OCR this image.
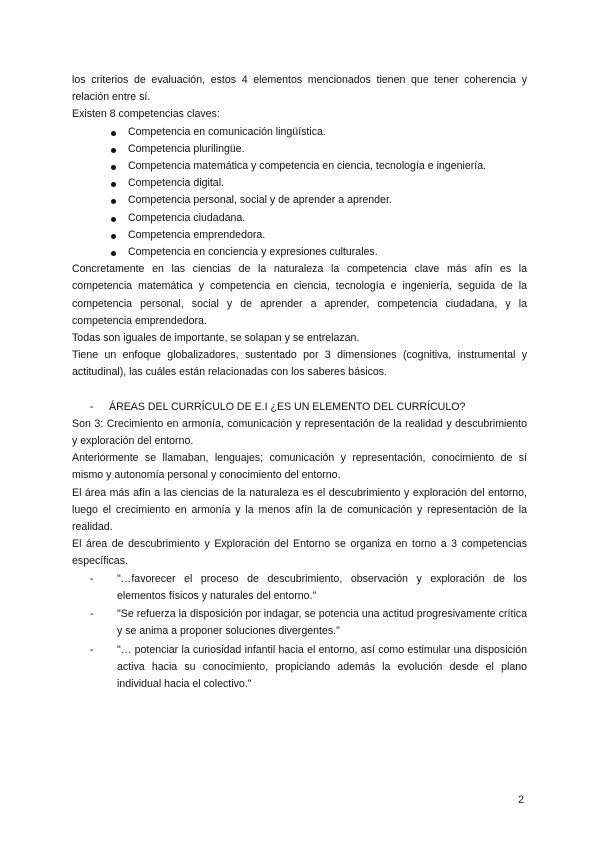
los criterios de evaluación, estos 4 elementos mencionados tienen que tener coherencia y relación entre sí.

Existen 8 competencias claves:

Competencia en comunicación lingüística.
Competencia plurilingüe.
Competencia matemática y competencia en ciencia, tecnología e ingeniería.
Competencia digital.
Competencia personal, social y de aprender a aprender.
Competencia ciudadana.
Competencia emprendedora.
Competencia en conciencia y expresiones culturales.

Concretamente en las ciencias de la naturaleza la competencia clave más afín es la competencia matemática y competencia en ciencia, tecnología e ingeniería, seguida de la competencia personal, social y de aprender a aprender, competencia ciudadana, y la competencia emprendedora.

Todas son iguales de importante, se solapan y se entrelazan.

Tiene un enfoque globalizadores, sustentado por 3 dimensiones (cognitiva, instrumental y actitudinal), las cuáles están relacionadas con los saberes básicos.

- ÁREAS DEL CURRÍCULO DE E.I ¿ES UN ELEMENTO DEL CURRÍCULO?

Son 3: Crecimiento en armonía, comunicación y representación de la realidad y descubrimiento y exploración del entorno.

Anteriormente se llamaban, lenguajes; comunicación y representación, conocimiento de sí mismo y autonomía personal y conocimiento del entorno.

El área más afín a las ciencias de la naturaleza es el descubrimiento y exploración del entorno, luego el crecimiento en armonía y la menos afín la de comunicación y representación de la realidad.

El área de descubrimiento y Exploración del Entorno se organiza en torno a 3 competencias específicas.

- "…favorecer el proceso de descubrimiento, observación y exploración de los elementos físicos y naturales del entorno."
- "Se refuerza la disposición por indagar, se potencia una actitud progresivamente crítica y se anima a proponer soluciones divergentes."
- "… potenciar la curiosidad infantil hacia el entorno, así como estimular una disposición activa hacia su conocimiento, propiciando además la evolución desde el plano individual hacia el colectivo."
2
